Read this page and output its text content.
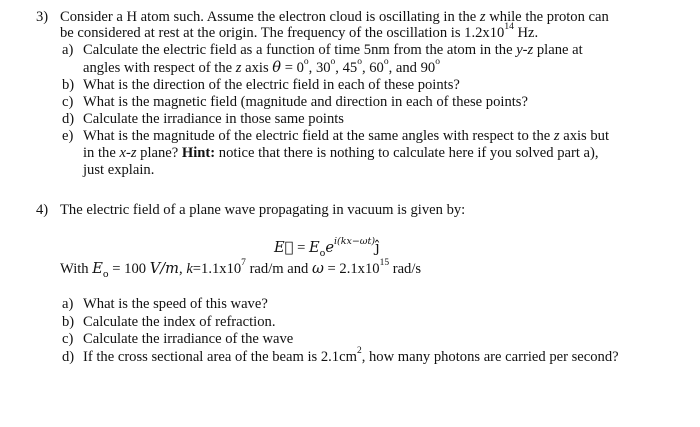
3) Consider a H atom such. Assume the electron cloud is oscillating in the z while the proton can
be considered at rest at the origin. The frequency of the oscillation is $1.2x10^{14}$ Hz.
a) Calculate the electric field as a function of time 5nm from the atom in the y-z plane at
angles with respect of the z axis $\theta = 0^o$, 30$^o$, 45$^o$, 60$^o$, and 90$^o$
b) What is the direction of the electric field in each of these points?
c) What is the magnetic field (magnitude and direction in each of these points?
d) Calculate the irradiance in those same points
e) What is the magnitude of the electric field at the same angles with respect to the z axis but
in the x-z plane? Hint: notice that there is nothing to calculate here if you solved part a),
just explain.
4) The electric field of a plane wave propagating in vacuum is given by:
E⃗ = $E_oe^{i(kx-\omega t)}ĵ$
With $E_o = 100$ V/m, $k=1.1x10^7$ rad/m and $\omega = 2.1x10^{15}$ rad/s
a) What is the speed of this wave?
b) Calculate the index of refraction.
c) Calculate the irradiance of the wave
d) If the cross sectional area of the beam is $2.1cm^2$, how many photons are carried per second?
